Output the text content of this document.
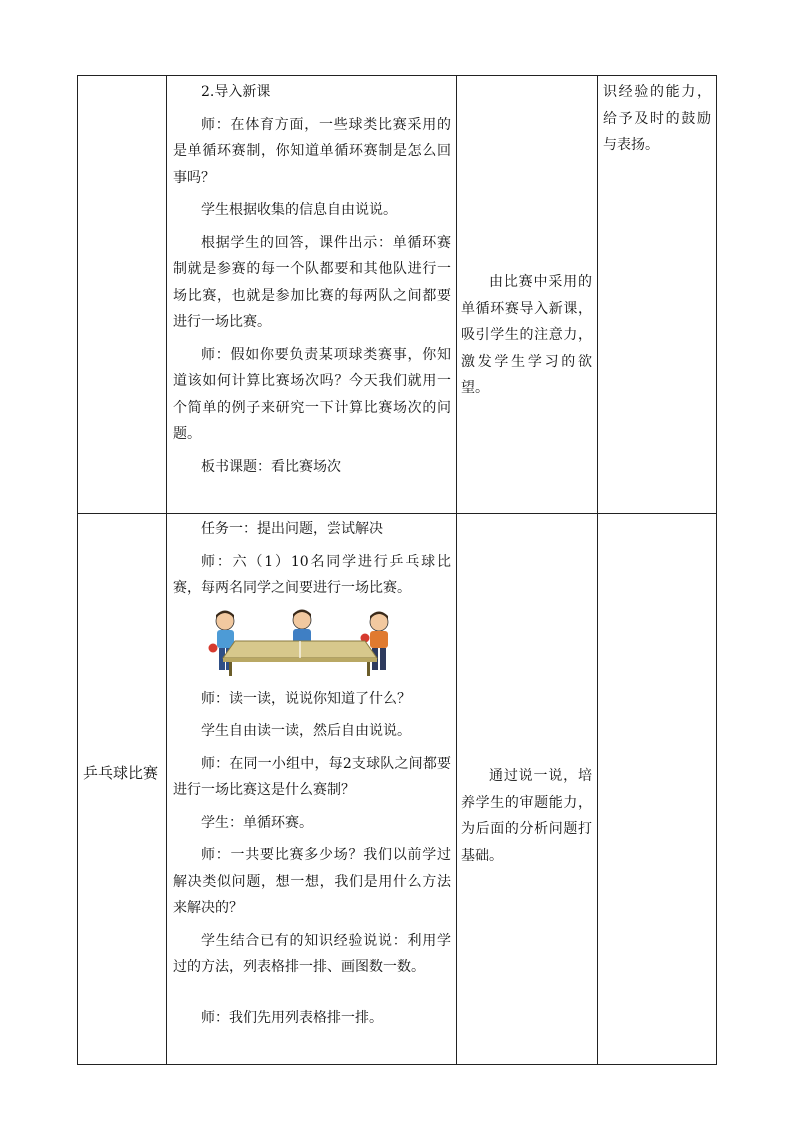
2.导入新课

师：在体育方面，一些球类比赛采用的是单循环赛制，你知道单循环赛制是怎么回事吗？

学生根据收集的信息自由说说。

根据学生的回答，课件出示：单循环赛制就是参赛的每一个队都要和其他队进行一场比赛，也就是参加比赛的每两队之间都要进行一场比赛。

师：假如你要负责某项球类赛事，你知道该如何计算比赛场次吗？今天我们就用一个简单的例子来研究一下计算比赛场次的问题。

板书课题：看比赛场次

由比赛中采用的单循环赛导入新课，吸引学生的注意力，激发学生学习的欲望。

识经验的能力，给予及时的鼓励与表扬。

乒乓球比赛

任务一：提出问题，尝试解决

师：六（1）10名同学进行乒乓球比赛，每两名同学之间要进行一场比赛。

师：读一读，说说你知道了什么？

学生自由读一读，然后自由说说。

师：在同一小组中，每2支球队之间都要进行一场比赛这是什么赛制？

学生：单循环赛。

师：一共要比赛多少场？我们以前学过解决类似问题，想一想，我们是用什么方法来解决的？

学生结合已有的知识经验说说：利用学过的方法，列表格排一排、画图数一数。

师：我们先用列表格排一排。

通过说一说，培养学生的审题能力，为后面的分析问题打基础。
